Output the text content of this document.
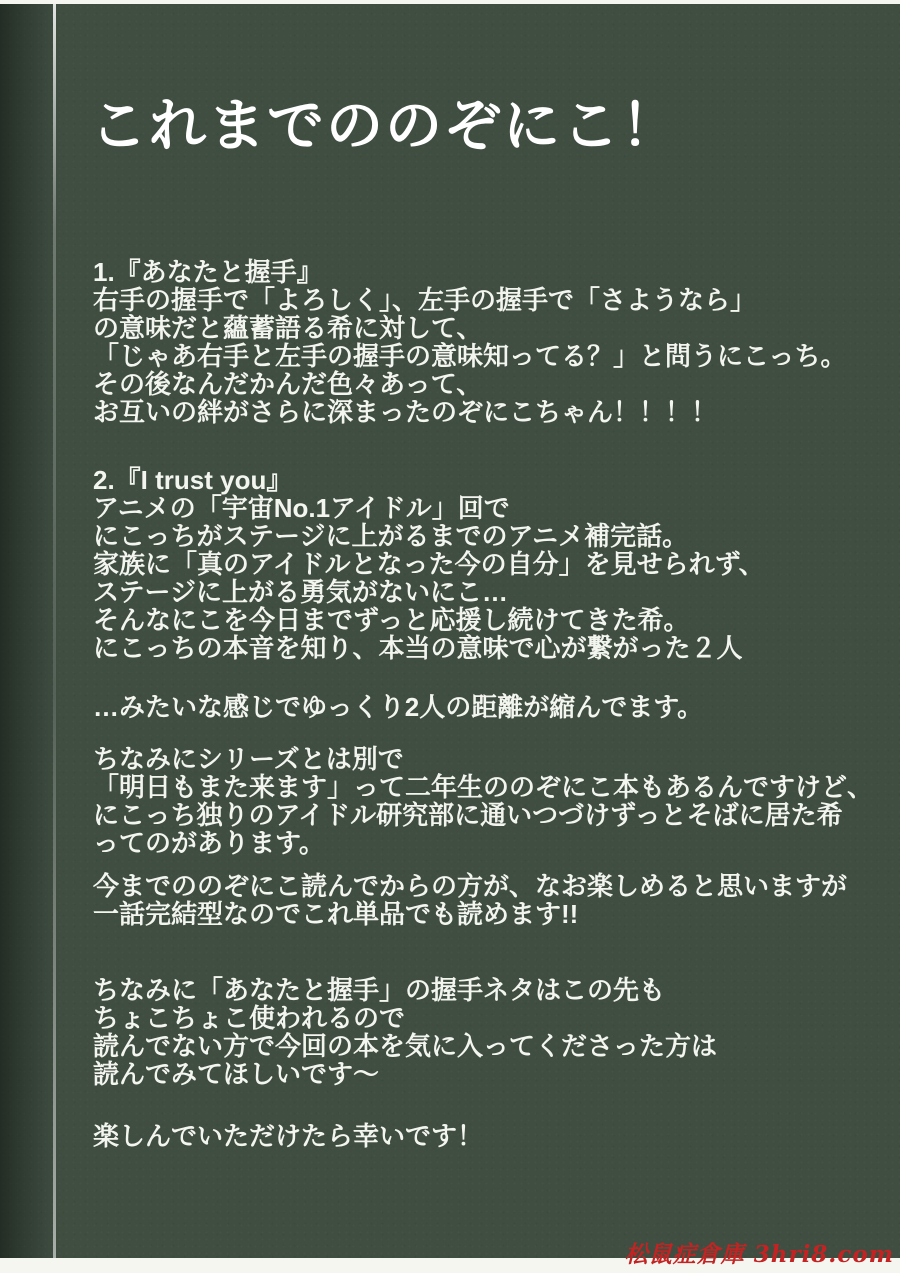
これまでののぞにこ！
1.『あなたと握手』
右手の握手で「よろしく」、左手の握手で「さようなら」
の意味だと蘊蓄語る希に対して、
「じゃあ右手と左手の握手の意味知ってる？」と問うにこっち。
その後なんだかんだ色々あって、
お互いの絆がさらに深まったのぞにこちゃん！！！！
2.『I trust you』
アニメの「宇宙No.1アイドル」回で
にこっちがステージに上がるまでのアニメ補完話。
家族に「真のアイドルとなった今の自分」を見せられず、
ステージに上がる勇気がないにこ…
そんなにこを今日までずっと応援し続けてきた希。
にこっちの本音を知り、本当の意味で心が繋がった２人
…みたいな感じでゆっくり2人の距離が縮んでます。
ちなみにシリーズとは別で
「明日もまた来ます」って二年生ののぞにこ本もあるんですけど、
にこっち独りのアイドル研究部に通いつづけずっとそばに居た希
ってのがあります。
今までののぞにこ読んでからの方が、なお楽しめると思いますが
一話完結型なのでこれ単品でも読めます!!
ちなみに「あなたと握手」の握手ネタはこの先も
ちょこちょこ使われるので
読んでない方で今回の本を気に入ってくださった方は
読んでみてほしいです～
楽しんでいただけたら幸いです！
松鼠症倉庫 3hri8.com
